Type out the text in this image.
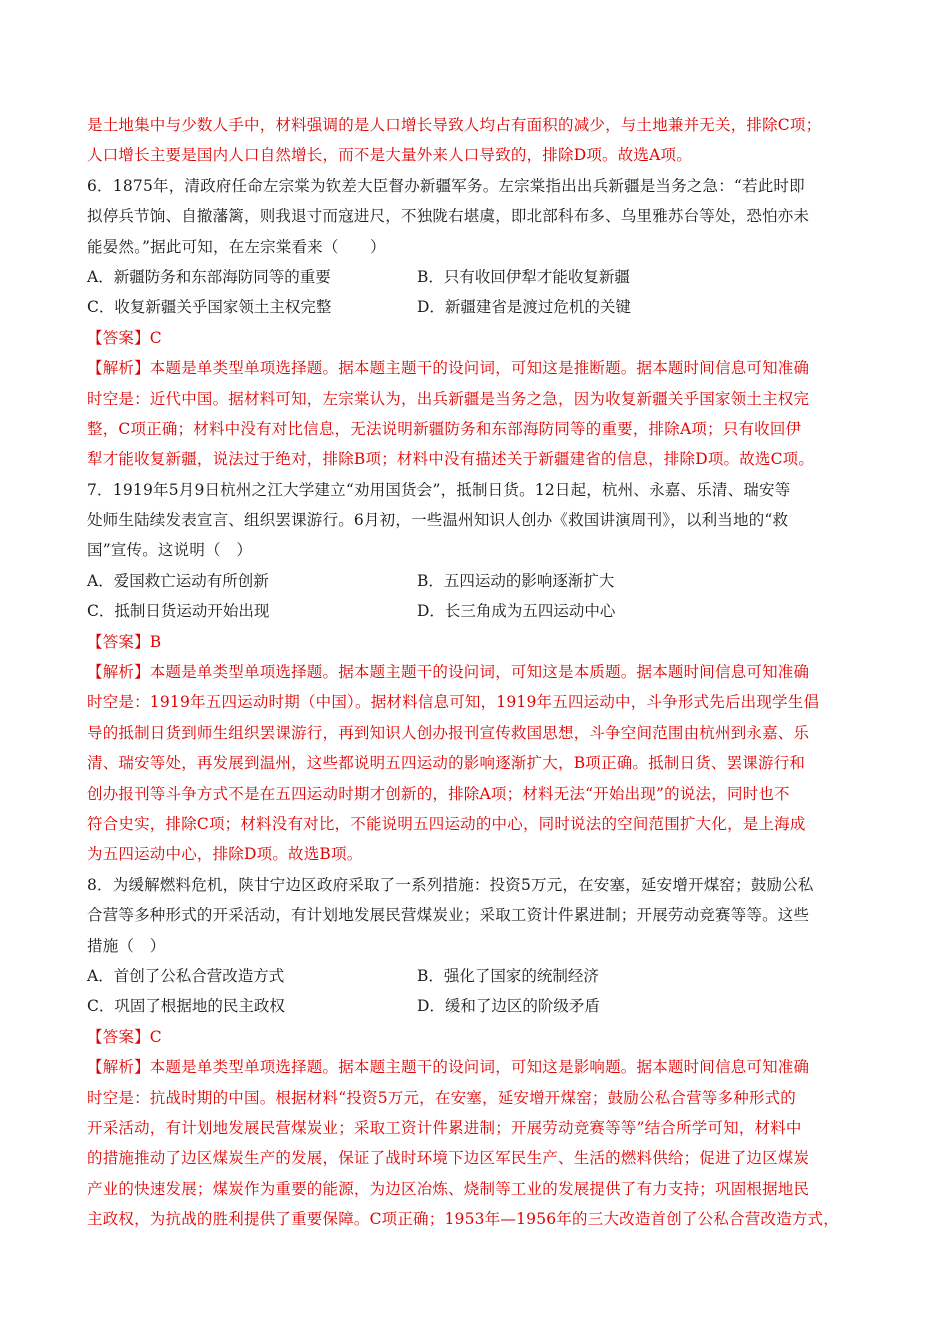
是土地集中与少数人手中，材料强调的是人口增长导致人均占有面积的减少，与土地兼并无关，排除C项；
人口增长主要是国内人口自然增长，而不是大量外来人口导致的，排除D项。故选A项。
6．1875年，清政府任命左宗棠为钦差大臣督办新疆军务。左宗棠指出出兵新疆是当务之急：“若此时即
拟停兵节饷、自撤藩篱，则我退寸而寇进尺，不独陇右堪虞，即北部科布多、乌里雅苏台等处，恐怕亦未
能晏然。”据此可知，在左宗棠看来（　　）
A．新疆防务和东部海防同等的重要	B．只有收回伊犁才能收复新疆
C．收复新疆关乎国家领土主权完整	D．新疆建省是渡过危机的关键
【答案】C
【解析】本题是单类型单项选择题。据本题主题干的设问词，可知这是推断题。据本题时间信息可知准确
时空是：近代中国。据材料可知，左宗棠认为，出兵新疆是当务之急，因为收复新疆关乎国家领土主权完
整，C项正确；材料中没有对比信息，无法说明新疆防务和东部海防同等的重要，排除A项；只有收回伊
犁才能收复新疆，说法过于绝对，排除B项；材料中没有描述关于新疆建省的信息，排除D项。故选C项。
7．1919年5月9日杭州之江大学建立“劝用国货会”，抵制日货。12日起，杭州、永嘉、乐清、瑞安等
处师生陆续发表宣言、组织罢课游行。6月初，一些温州知识人创办《救国讲演周刊》，以利当地的“救
国”宣传。这说明（　）
A．爱国救亡运动有所创新	B．五四运动的影响逐渐扩大
C．抵制日货运动开始出现	D．长三角成为五四运动中心
【答案】B
【解析】本题是单类型单项选择题。据本题主题干的设问词，可知这是本质题。据本题时间信息可知准确
时空是：1919年五四运动时期（中国）。据材料信息可知，1919年五四运动中，斗争形式先后出现学生倡
导的抵制日货到师生组织罢课游行，再到知识人创办报刊宣传救国思想，斗争空间范围由杭州到永嘉、乐
清、瑞安等处，再发展到温州，这些都说明五四运动的影响逐渐扩大，B项正确。抵制日货、罢课游行和
创办报刊等斗争方式不是在五四运动时期才创新的，排除A项；材料无法“开始出现”的说法，同时也不
符合史实，排除C项；材料没有对比，不能说明五四运动的中心，同时说法的空间范围扩大化，是上海成
为五四运动中心，排除D项。故选B项。
8．为缓解燃料危机，陕甘宁边区政府采取了一系列措施：投资5万元，在安塞，延安增开煤窑；鼓励公私
合营等多种形式的开采活动，有计划地发展民营煤炭业；采取工资计件累进制；开展劳动竞赛等等。这些
措施（　）
A．首创了公私合营改造方式	B．强化了国家的统制经济
C．巩固了根据地的民主政权	D．缓和了边区的阶级矛盾
【答案】C
【解析】本题是单类型单项选择题。据本题主题干的设问词，可知这是影响题。据本题时间信息可知准确
时空是：抗战时期的中国。根据材料“投资5万元，在安塞，延安增开煤窑；鼓励公私合营等多种形式的
开采活动，有计划地发展民营煤炭业；采取工资计件累进制；开展劳动竞赛等等”结合所学可知，材料中
的措施推动了边区煤炭生产的发展，保证了战时环境下边区军民生产、生活的燃料供给；促进了边区煤炭
产业的快速发展；煤炭作为重要的能源，为边区冶炼、烧制等工业的发展提供了有力支持；巩固根据地民
主政权，为抗战的胜利提供了重要保障。C项正确；1953年—1956年的三大改造首创了公私合营改造方式，
